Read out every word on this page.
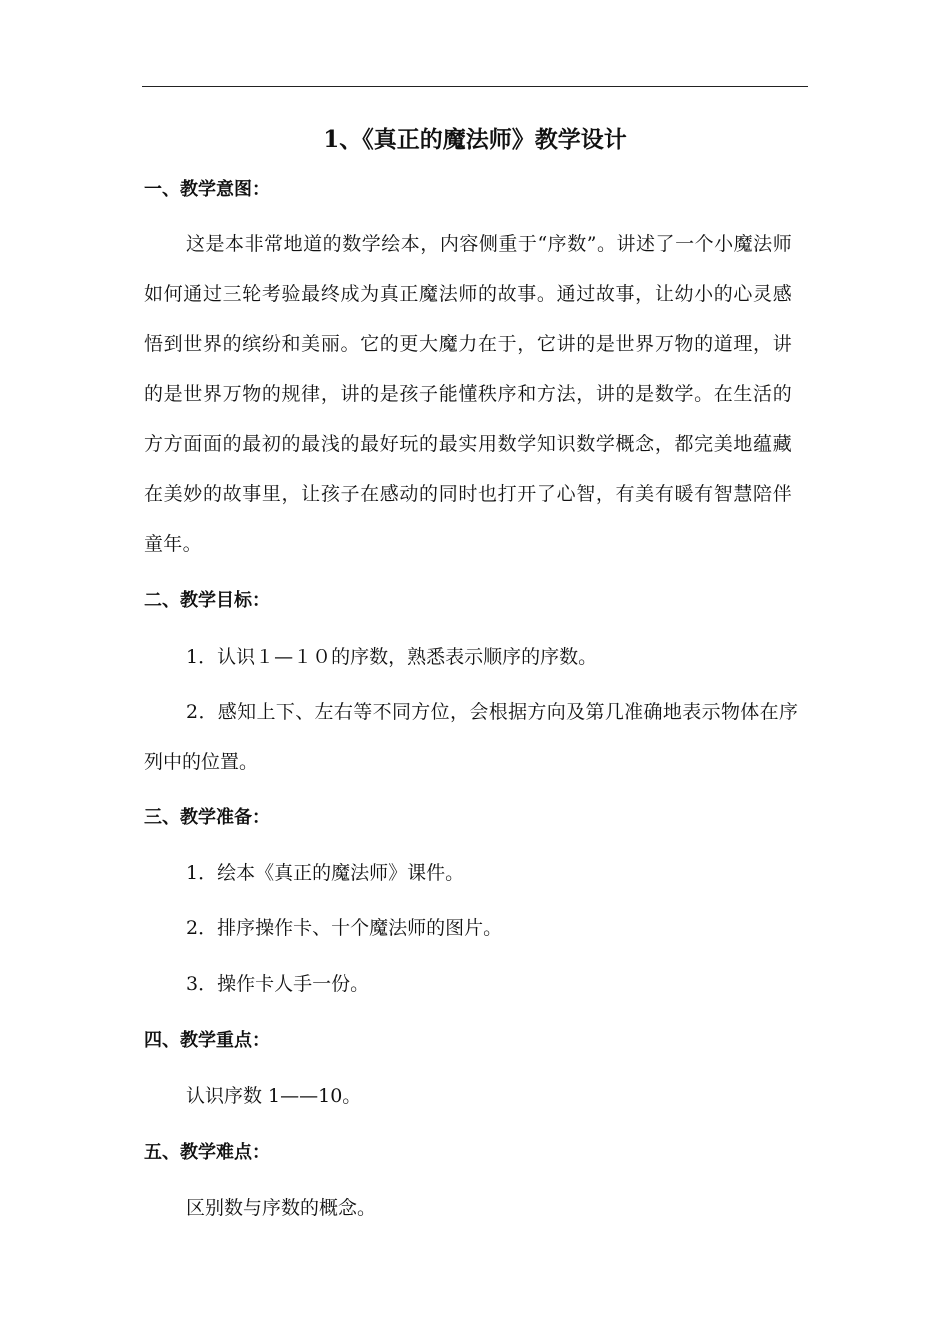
1、《真正的魔法师》教学设计
一、教学意图：
这是本非常地道的数学绘本，内容侧重于“序数”。讲述了一个小魔法师如何通过三轮考验最终成为真正魔法师的故事。通过故事，让幼小的心灵感悟到世界的缤纷和美丽。它的更大魔力在于，它讲的是世界万物的道理，讲的是世界万物的规律，讲的是孩子能懂秩序和方法，讲的是数学。在生活的方方面面的最初的最浅的最好玩的最实用数学知识数学概念，都完美地蕴藏在美妙的故事里，让孩子在感动的同时也打开了心智，有美有暖有智慧陪伴童年。
二、教学目标：
1．认识１—１０的序数，熟悉表示顺序的序数。
2．感知上下、左右等不同方位，会根据方向及第几准确地表示物体在序列中的位置。
三、教学准备：
1．绘本《真正的魔法师》课件。
2．排序操作卡、十个魔法师的图片。
3．操作卡人手一份。
四、教学重点：
认识序数 1——10。
五、教学难点：
区别数与序数的概念。
